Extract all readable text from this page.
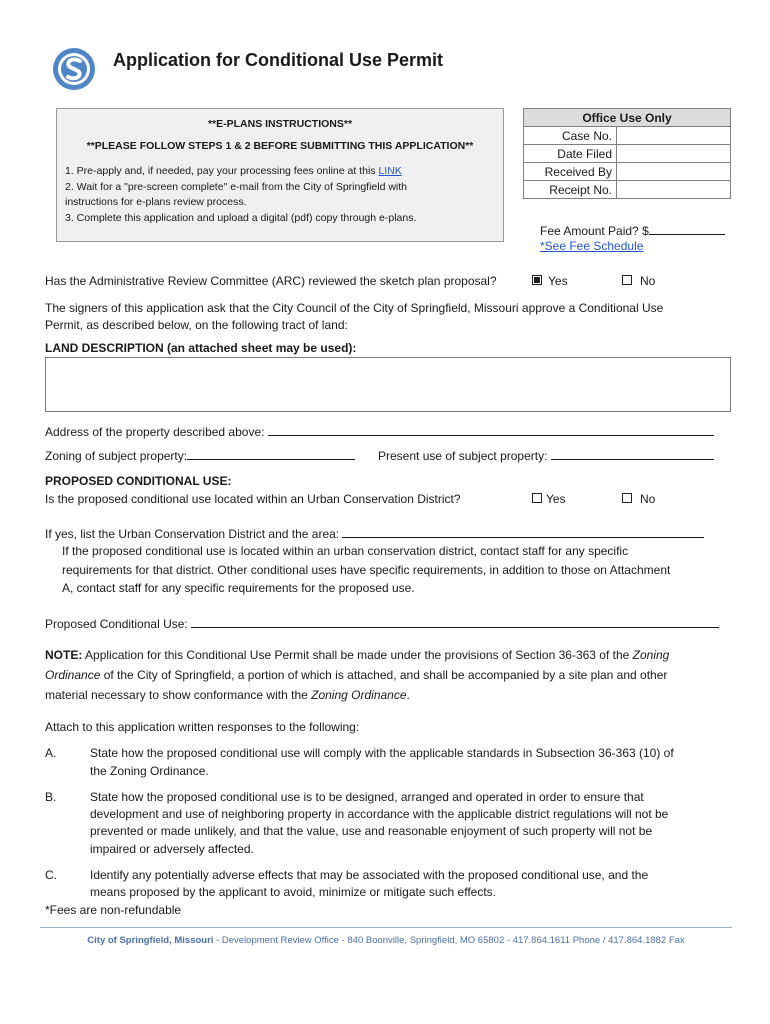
Application for Conditional Use Permit
**E-PLANS INSTRUCTIONS**
**PLEASE FOLLOW STEPS 1 & 2 BEFORE SUBMITTING THIS APPLICATION**
1. Pre-apply and, if needed, pay your processing fees online at this LINK
2. Wait for a "pre-screen complete" e-mail from the City of Springfield with
instructions for e-plans review process.
3. Complete this application and upload a digital (pdf) copy through e-plans.
Office Use Only	
Case No.	
Date Filed	
Received By	
Receipt No.	
Fee Amount Paid? $
*See Fee Schedule
Has the Administrative Review Committee (ARC) reviewed the sketch plan proposal?	Yes	No
The signers of this application ask that the City Council of the City of Springfield, Missouri approve a Conditional Use
Permit, as described below, on the following tract of land:
LAND DESCRIPTION (an attached sheet may be used):
Address of the property described above:
Zoning of subject property:	Present use of subject property:
PROPOSED CONDITIONAL USE:
Is the proposed conditional use located within an Urban Conservation District?	Yes	No
If yes, list the Urban Conservation District and the area:
If the proposed conditional use is located within an urban conservation district, contact staff for any specific
requirements for that district. Other conditional uses have specific requirements, in addition to those on Attachment
A, contact staff for any specific requirements for the proposed use.
Proposed Conditional Use:
NOTE: Application for this Conditional Use Permit shall be made under the provisions of Section 36-363 of the Zoning
Ordinance of the City of Springfield, a portion of which is attached, and shall be accompanied by a site plan and other
material necessary to show conformance with the Zoning Ordinance.
Attach to this application written responses to the following:
A.	State how the proposed conditional use will comply with the applicable standards in Subsection 36-363 (10) of
the Zoning Ordinance.
B.	State how the proposed conditional use is to be designed, arranged and operated in order to ensure that
development and use of neighboring property in accordance with the applicable district regulations will not be
prevented or made unlikely, and that the value, use and reasonable enjoyment of such property will not be
impaired or adversely affected.
C.	Identify any potentially adverse effects that may be associated with the proposed conditional use, and the
means proposed by the applicant to avoid, minimize or mitigate such effects.
*Fees are non-refundable
City of Springfield, Missouri - Development Review Office - 840 Boonville, Springfield, MO 65802 - 417.864.1611 Phone / 417.864.1882 Fax
